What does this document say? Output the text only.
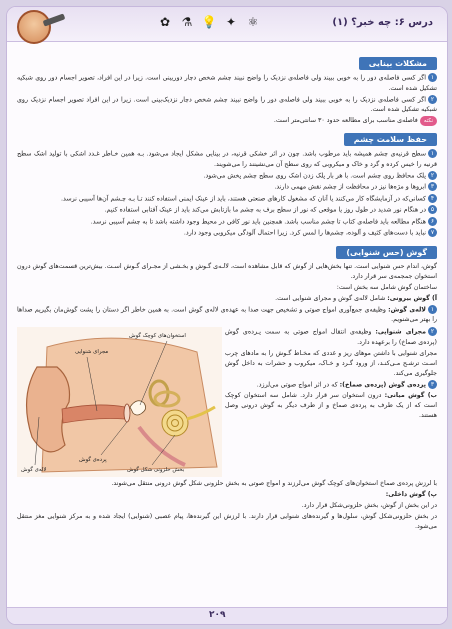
درس ۶: چه خبر؟ (۱)
✿ ⚗ 💡 ✦ ⚛
مشکلات بینایی

۱اگر کسی فاصله‌ی دور را به خوبی ببیند ولی فاصله‌ی نزدیک را واضح نبیند چشم شخص دچار دوربینی است. زیرا در این افراد، تصویر اجسام دور روی شبکیه تشکیل شده است.

۲اگر کسی فاصله‌ی نزدیک را به خوبی ببیند ولی فاصله‌ی دور را واضح نبیند چشم شخص دچار نزدیک‌بینی است. زیرا در این افراد تصویر اجسام نزدیک روی شبکیه تشکیل شده است.

نکتهفاصله‌ی مناسب برای مطالعه حدود ۳۰ سانتی‌متر است.

حفظ سلامت چشم

۱سطح قرنیه‌ی چشم همیشه باید مرطوب باشد. چون در اثر خشکی قرنیه، در بینایی مشکل ایجاد می‌شود. بـه همین خـاطر غـدد اشکی با تولید اشک سطح قرنیه را خیس کرده و گرد و خاک و میکروبی که روی سطح آن می‌نشینند را می‌شویند.

۲پلک محافظ روی چشم است. با هر بار پلک زدن اشک روی سطح چشم پخش می‌شود.

۳ابروها و مژه‌ها نیز در محافظت از چشم نقش مهمی دارند.

۴کسانی‌که در آزمایشگاه کار می‌کنند یا آنان که مشغول کارهای صنعتی هستند، باید از عینک ایمنی استفاده کنند تـا بـه چـشم آن‌ها آسیبی نرسد.

۵در هنگام نور شدید در طول روز یا موقعی که نور از سطح برف به چشم ما بازتابش می‌کند باید از عینک آفتابی استفاده کنیم.

۶هنگام مطالعه باید فاصله‌ی کتاب تا چشم مناسب باشد. همچنین باید نور کافی در محیط وجود داشته باشد تا به چشم آسیبی نرسد.

۷نباید با دست‌های کثیف و آلوده، چشم‌ها را لمس کرد. زیرا احتمال آلودگی میکروبی وجود دارد.

گوش (حس شنوایی)

گوش، اندام حس شنوایی است. تنها بخش‌هایی از گوش که قابل مشاهده است، لالـه‌ی گـوش و بخـشی از مجـرای گـوش اسـت. بیش‌ترین قسمت‌های گوش درون استخوان جمجمه‌ی سر قرار دارد.

ساختمان گوش شامل سه بخش است:

آ) گوش بیرونی: شامل لاله‌ی گوش و مجرای شنوایی است.

۱لاله‌ی گوش: وظیفه‌ی جمع‌آوری امواج صوتی و تشخیص جهت صدا به عهده‌ی لاله‌ی گوش است. به همین خاطر اگر دستان را پشت گوش‌مان بگیریم صداها را بهتر می‌شنویم.

۲مجرای شنوایی: وظیفه‌ی انتقال امواج صوتی به سمت پـرده‌ی گوش (پرده‌ی صماخ) را برعهده دارد.

مجرای شنوایی با داشتن موهای ریز و غددی که مخـاط گـوش را به مادهای چرب اسـت ترشـح مـی‌کنـد، از ورود گـرد و خـاک، میکروب و حشرات به داخل گوش جلوگیری می‌کند.

۳پرده‌ی گوش (پرده‌ی صماخ): که در اثر امواج صوتی می‌لرزد.

ب) گوش میانی: درون استخوان سر قرار دارد. شامل سه استخوان کوچک است که از یک طرف به پرده‌ی صماخ و از طرف دیگر به گوش درونی وصل هستند.

استخوان‌های کوچک گوش
مجرای شنوایی
لاله‌ی گوش
پرده‌ی گوش
بخش حلزونی شکل گوش

با لرزش پرده‌ی صماخ استخوان‌های کوچک گوش می‌لرزند و امواج صوتی به بخش حلزونی شکل گوش درونی منتقل می‌شوند.

پ) گوش داخلی:

در این بخش از گوش، بخش حلزونی‌شکل قرار دارد.

در بخش حلزونی‌شکل گوش، سلول‌ها و گیرنده‌های شنوایی قرار دارند. با لرزش این گیرنده‌ها، پیام عصبی (شنوایی) ایجاد شده و به مرکز شنوایی مغز منتقل می‌شود.

۲۰۹
